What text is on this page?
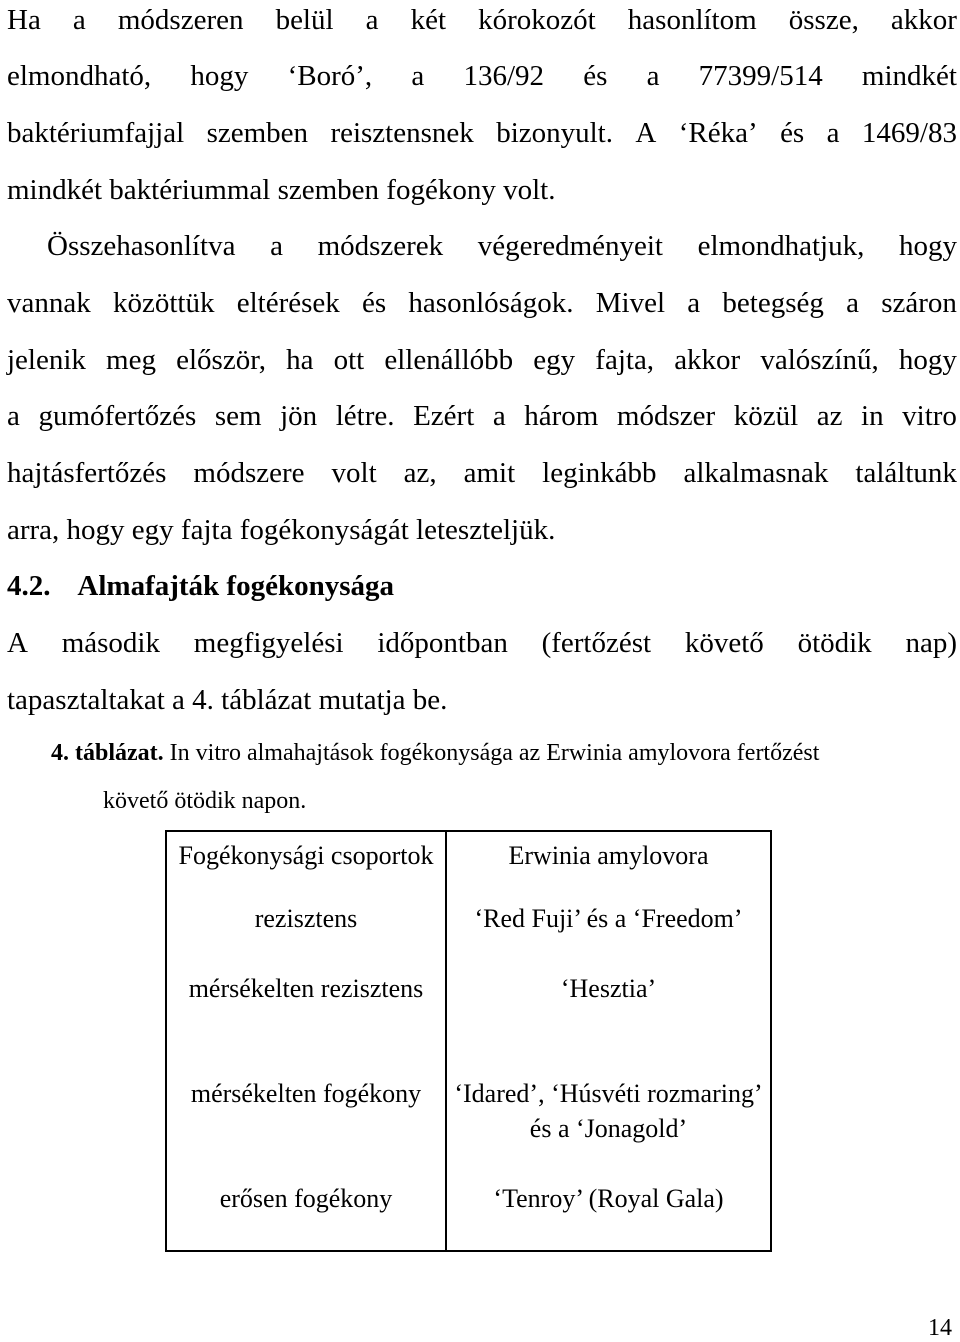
Ha a módszeren belül a két kórokozót hasonlítom össze, akkor
elmondható, hogy ‘Boró’, a 136/92 és a 77399/514 mindkét
baktériumfajjal szemben reisztensnek bizonyult. A ‘Réka’ és a 1469/83
mindkét baktériummal szemben fogékony volt.
Összehasonlítva a módszerek végeredményeit elmondhatjuk, hogy
vannak közöttük eltérések és hasonlóságok. Mivel a betegség a száron
jelenik meg először, ha ott ellenállóbb egy fajta, akkor valószínű, hogy
a gumófertőzés sem jön létre. Ezért a három módszer közül az in vitro
hajtásfertőzés módszere volt az, amit leginkább alkalmasnak találtunk
arra, hogy egy fajta fogékonyságát leteszteljük.
4.2. Almafajták fogékonysága
A második megfigyelési időpontban (fertőzést követő ötödik nap)
tapasztaltakat a 4. táblázat mutatja be.
4. táblázat. In vitro almahajtások fogékonysága az Erwinia amylovora fertőzést
követő ötödik napon.
Fogékonysági csoportok	Erwinia amylovora
rezisztens	‘Red Fuji’ és a ‘Freedom’
mérsékelten rezisztens	‘Hesztia’
mérsékelten fogékony	‘Idared’, ‘Húsvéti rozmaring’ és a ‘Jonagold’
erősen fogékony	‘Tenroy’ (Royal Gala)
14
